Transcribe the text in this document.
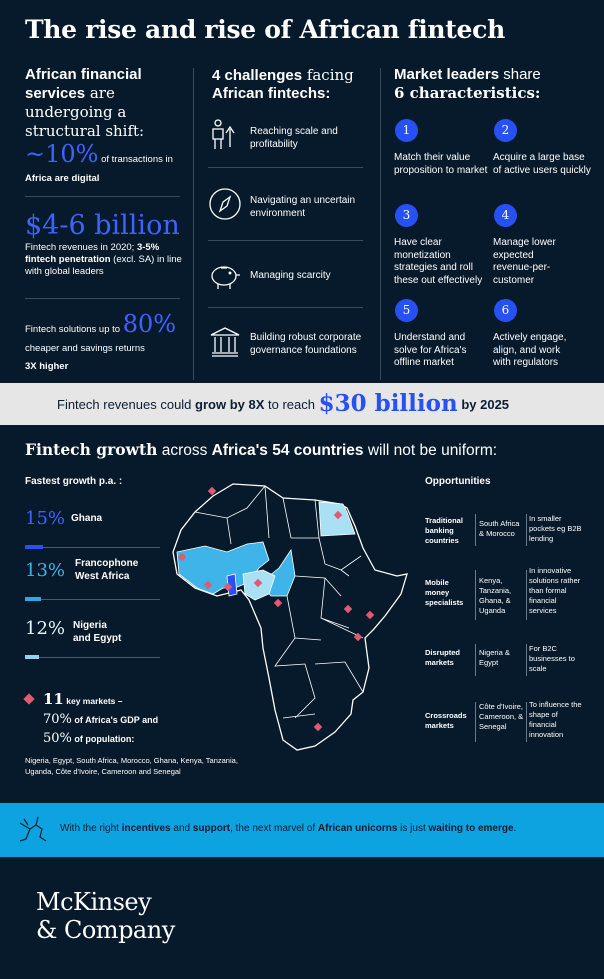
The rise and rise of African fintech
African financial services are undergoing a structural shift:
~10% of transactions in
Africa are digital
$4-6 billion
Fintech revenues in 2020; 3-5% fintech penetration (excl. SA) in line with global leaders
Fintech solutions up to 80%
cheaper and savings returns
3X higher
4 challenges facing
African fintechs:
Reaching scale and profitability
Navigating an uncertain environment
Managing scarcity
Building robust corporate governance foundations
Market leaders share
6 characteristics:
1
Match their value proposition to market
2
Acquire a large base of active users quickly
3
Have clear monetization strategies and roll these out effectively
4
Manage lower expected revenue-per-customer
5
Understand and solve for Africa's offline market
6
Actively engage, align, and work with regulators
Fintech revenues could grow by 8X to reach $30 billion by 2025
Fintech growth across Africa's 54 countries will not be uniform:
Fastest growth p.a. :
15% Ghana
13% Francophone
West Africa
12% Nigeria
and Egypt
11 key markets –
70% of Africa's GDP and
50% of population:
Nigeria, Egypt, South Africa, Morocco, Ghana, Kenya, Tanzania, Uganda, Côte d'Ivoire, Cameroon and Senegal
Opportunities
Traditional banking countries
South Africa & Morocco
In smaller pockets eg B2B lending
Mobile money specialists
Kenya, Tanzania, Ghana, & Uganda
In innovative solutions rather than formal financial services
Disrupted markets
Nigeria & Egypt
For B2C businesses to scale
Crossroads markets
Côte d'Ivoire, Cameroon, & Senegal
To influence the shape of financial innovation
With the right incentives and support, the next marvel of African unicorns is just waiting to emerge.
McKinsey
& Company
